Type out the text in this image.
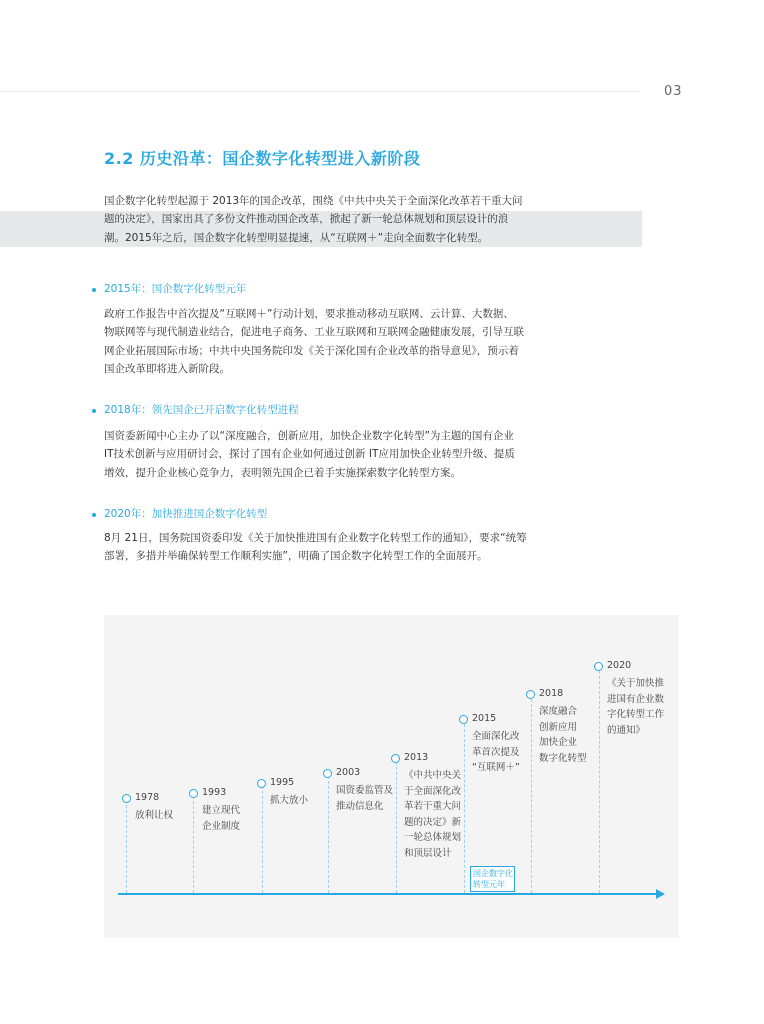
03
2.2 历史沿革：国企数字化转型进入新阶段

国企数字化转型起源于 2013年的国企改革，围绕《中共中央关于全面深化改革若干重大问题的决定》，国家出具了多份文件推动国企改革，掀起了新一轮总体规划和顶层设计的浪潮。2015年之后，国企数字化转型明显提速，从“互联网＋”走向全面数字化转型。

2015年：国企数字化转型元年

政府工作报告中首次提及“互联网＋”行动计划，要求推动移动互联网、云计算、大数据、物联网等与现代制造业结合，促进电子商务、工业互联网和互联网金融健康发展，引导互联网企业拓展国际市场；中共中央国务院印发《关于深化国有企业改革的指导意见》，预示着国企改革即将进入新阶段。

2018年：领先国企已开启数字化转型进程

国资委新闻中心主办了以“深度融合，创新应用，加快企业数字化转型”为主题的国有企业 IT技术创新与应用研讨会，探讨了国有企业如何通过创新 IT应用加快企业转型升级、提质增效，提升企业核心竞争力，表明领先国企已着手实施探索数字化转型方案。

2020年：加快推进国企数字化转型

8月 21日，国务院国资委印发《关于加快推进国有企业数字化转型工作的通知》，要求“统筹部署，多措并举确保转型工作顺利实施”，明确了国企数字化转型工作的全面展开。

1978
放利让权
1993
建立现代
企业制度
1995
抓大放小
2003
国资委监管及
推动信息化
2013
《中共中央关
于全面深化改
革若干重大问
题的决定》新
一轮总体规划
和顶层设计
2015
全面深化改
革首次提及
“互联网＋”
2018
深度融合
创新应用
加快企业
数字化转型
2020
《关于加快推
进国有企业数
字化转型工作
的通知》
国企数字化
转型元年
